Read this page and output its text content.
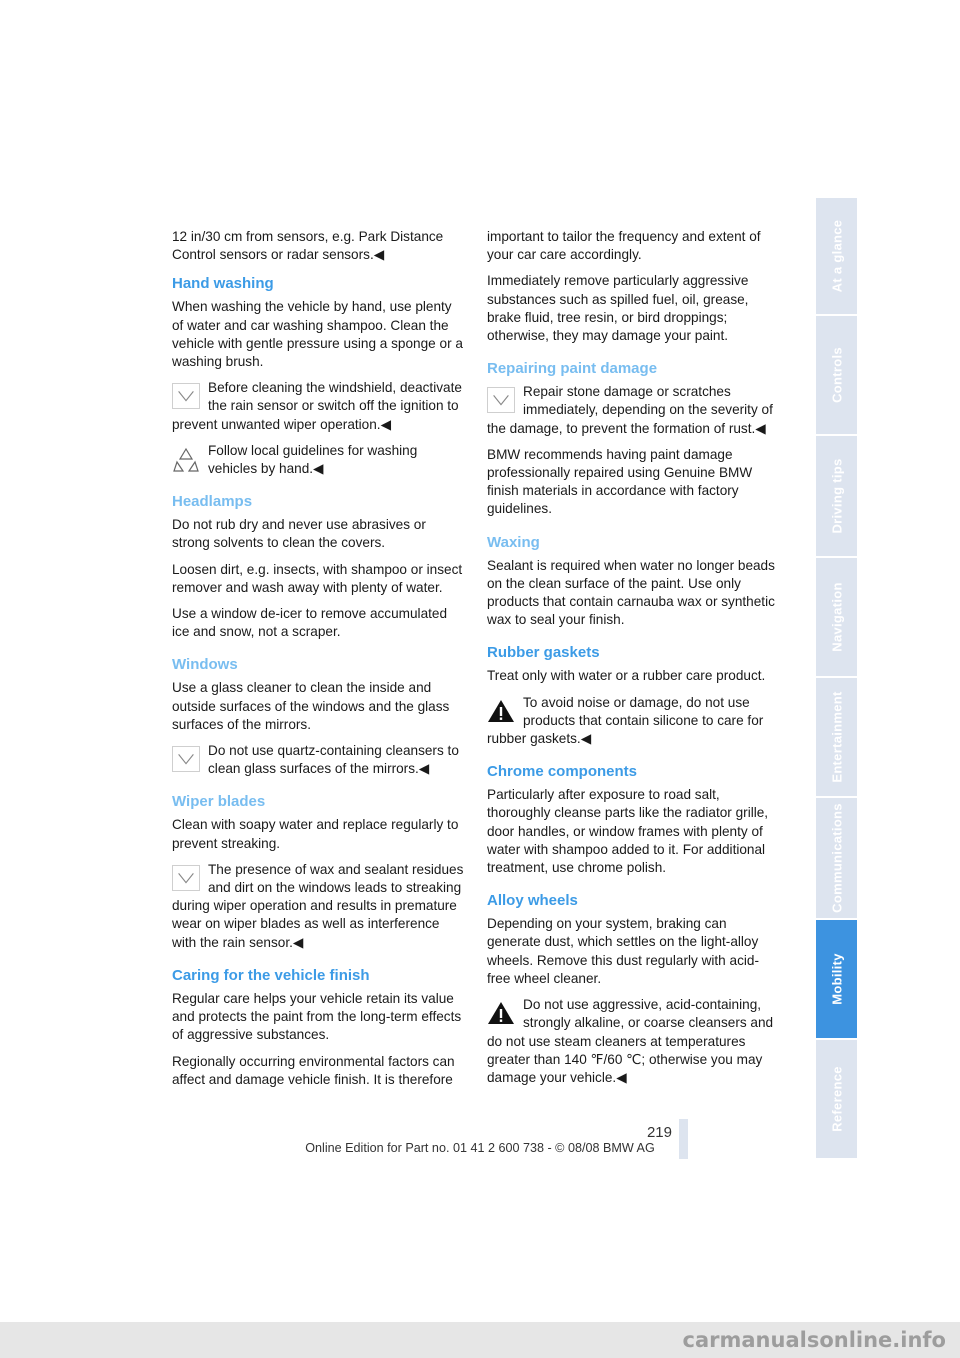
12 in/30 cm from sensors, e.g. Park Distance Control sensors or radar sensors.◀

Hand washing

When washing the vehicle by hand, use plenty of water and car washing shampoo. Clean the vehicle with gentle pressure using a sponge or a washing brush.

Before cleaning the windshield, deactivate the rain sensor or switch off the ignition to prevent unwanted wiper operation.◀
Follow local guidelines for washing vehicles by hand.◀
Headlamps

Do not rub dry and never use abrasives or strong solvents to clean the covers.

Loosen dirt, e.g. insects, with shampoo or insect remover and wash away with plenty of water.

Use a window de-icer to remove accumulated ice and snow, not a scraper.

Windows

Use a glass cleaner to clean the inside and outside surfaces of the windows and the glass surfaces of the mirrors.

Do not use quartz-containing cleansers to clean glass surfaces of the mirrors.◀
Wiper blades

Clean with soapy water and replace regularly to prevent streaking.

The presence of wax and sealant residues and dirt on the windows leads to streaking during wiper operation and results in premature wear on wiper blades as well as interference with the rain sensor.◀
Caring for the vehicle finish

Regular care helps your vehicle retain its value and protects the paint from the long-term effects of aggressive substances.

Regionally occurring environmental factors can affect and damage vehicle finish. It is therefore

important to tailor the frequency and extent of your car care accordingly.

Immediately remove particularly aggressive substances such as spilled fuel, oil, grease, brake fluid, tree resin, or bird droppings; otherwise, they may damage your paint.

Repairing paint damage
Repair stone damage or scratches immediately, depending on the severity of the damage, to prevent the formation of rust.◀

BMW recommends having paint damage professionally repaired using Genuine BMW finish materials in accordance with factory guidelines.

Waxing

Sealant is required when water no longer beads on the clean surface of the paint. Use only products that contain carnauba wax or synthetic wax to seal your finish.

Rubber gaskets

Treat only with water or a rubber care product.

To avoid noise or damage, do not use products that contain silicone to care for rubber gaskets.◀
Chrome components

Particularly after exposure to road salt, thoroughly cleanse parts like the radiator grille, door handles, or window frames with plenty of water with shampoo added to it. For additional treatment, use chrome polish.

Alloy wheels

Depending on your system, braking can generate dust, which settles on the light-alloy wheels. Remove this dust regularly with acid-free wheel cleaner.

Do not use aggressive, acid-containing, strongly alkaline, or coarse cleansers and do not use steam cleaners at temperatures greater than 140 ℉/60 ℃; otherwise you may damage your vehicle.◀
At a glance
Controls
Driving tips
Navigation
Entertainment
Communications
Mobility
Reference
219
Online Edition for Part no. 01 41 2 600 738 - © 08/08 BMW AG
carmanualsonline.info
